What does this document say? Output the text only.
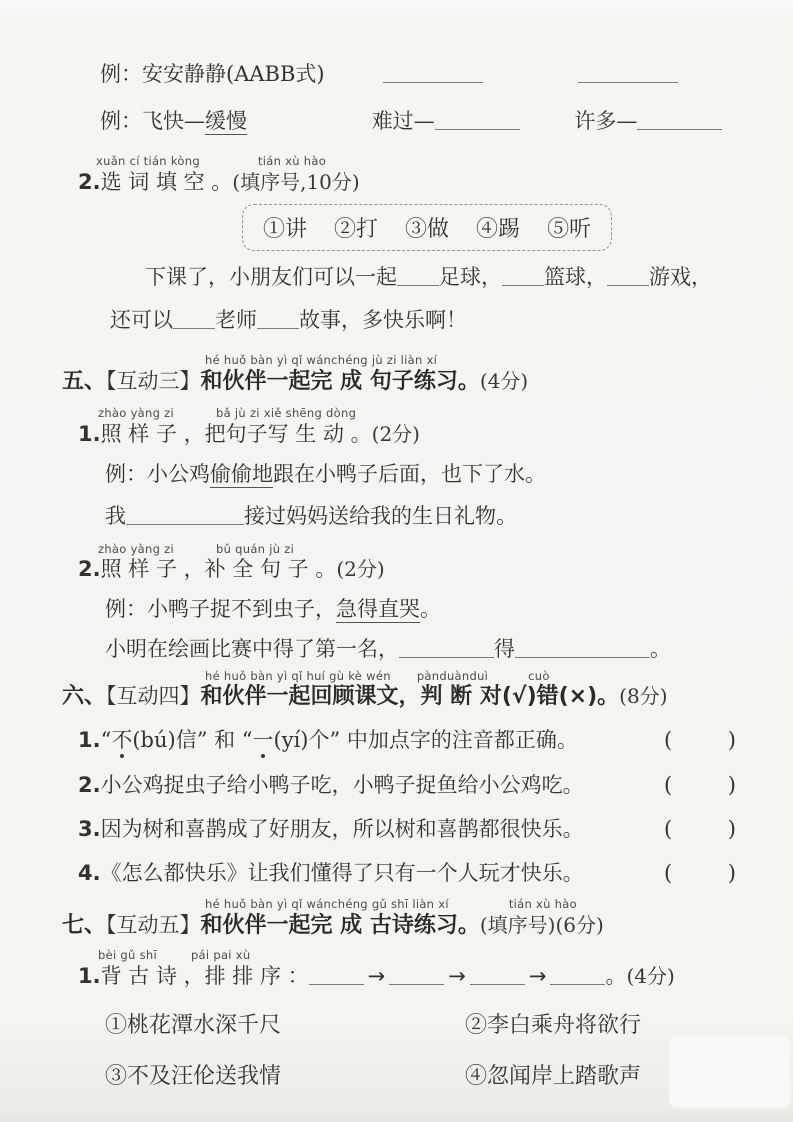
例：安安静静(AABB式)
例：飞快—缓慢	难过—	许多—
xuǎn cí tián kòng	tián xù hào
2.选 词 填 空 。(填序号,10分)
①讲 ②打 ③做 ④踢 ⑤听
下课了，小朋友们可以一起 足球， 篮球， 游戏，
还可以 老师 故事，多快乐啊！
hé huǒ bàn yì qǐ wánchéng jù zi liàn xí
五、【互动三】和伙伴一起完 成 句子练习。(4分)
zhào yàng zi	bǎ jù zi xiě shēng dòng
1.照 样 子 ，把句子写 生 动 。(2分)
例：小公鸡偷偷地跟在小鸭子后面，也下了水。
我	接过妈妈送给我的生日礼物。
zhào yàng zi	bǔ quán jù zi
2.照 样 子 ，补 全 句 子 。(2分)
例：小鸭子捉不到虫子，急得直哭。
小明在绘画比赛中得了第一名，	得	。
hé huǒ bàn yì qǐ huí gù kè wén pànduànduì	cuò
六、【互动四】和伙伴一起回顾课文，判 断 对(√)错(×)。(8分)
1.“不(bú)信” 和 “一(yí)个” 中加点字的注音都正确。	(	)
2.小公鸡捉虫子给小鸭子吃，小鸭子捉鱼给小公鸡吃。	(	)
3.因为树和喜鹊成了好朋友，所以树和喜鹊都很快乐。	(	)
4.《怎么都快乐》让我们懂得了只有一个人玩才快乐。	(	)
hé huǒ bàn yì qǐ wánchéng gǔ shī liàn xí	tián xù hào
七、【互动五】和伙伴一起完 成 古诗练习。(填序号)(6分)
bèi gǔ shī	pái pai xù
1.背 古 诗 ，排 排 序 ：	→	→	→	。(4分)
①桃花潭水深千尺	②李白乘舟将欲行
③不及汪伦送我情	④忽闻岸上踏歌声
